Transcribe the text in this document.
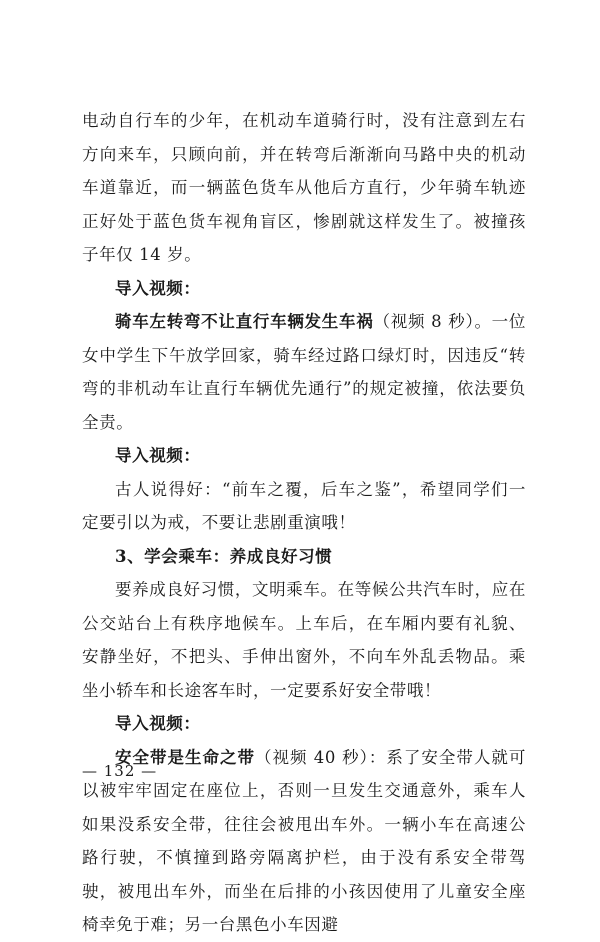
电动自行车的少年，在机动车道骑行时，没有注意到左右方向来车，只顾向前，并在转弯后渐渐向马路中央的机动车道靠近，而一辆蓝色货车从他后方直行，少年骑车轨迹正好处于蓝色货车视角盲区，惨剧就这样发生了。被撞孩子年仅 14 岁。

导入视频：

骑车左转弯不让直行车辆发生车祸（视频 8 秒）。一位女中学生下午放学回家，骑车经过路口绿灯时，因违反“转弯的非机动车让直行车辆优先通行”的规定被撞，依法要负全责。

导入视频：

古人说得好：“前车之覆，后车之鉴”，希望同学们一定要引以为戒，不要让悲剧重演哦！

3、学会乘车：养成良好习惯

要养成良好习惯，文明乘车。在等候公共汽车时，应在公交站台上有秩序地候车。上车后，在车厢内要有礼貌、安静坐好，不把头、手伸出窗外，不向车外乱丢物品。乘坐小轿车和长途客车时，一定要系好安全带哦！

导入视频：

安全带是生命之带（视频 40 秒）：系了安全带人就可以被牢牢固定在座位上，否则一旦发生交通意外，乘车人如果没系安全带，往往会被甩出车外。一辆小车在高速公路行驶，不慎撞到路旁隔离护栏，由于没有系安全带驾驶，被甩出车外，而坐在后排的小孩因使用了儿童安全座椅幸免于难；另一台黑色小车因避

— 132 —
